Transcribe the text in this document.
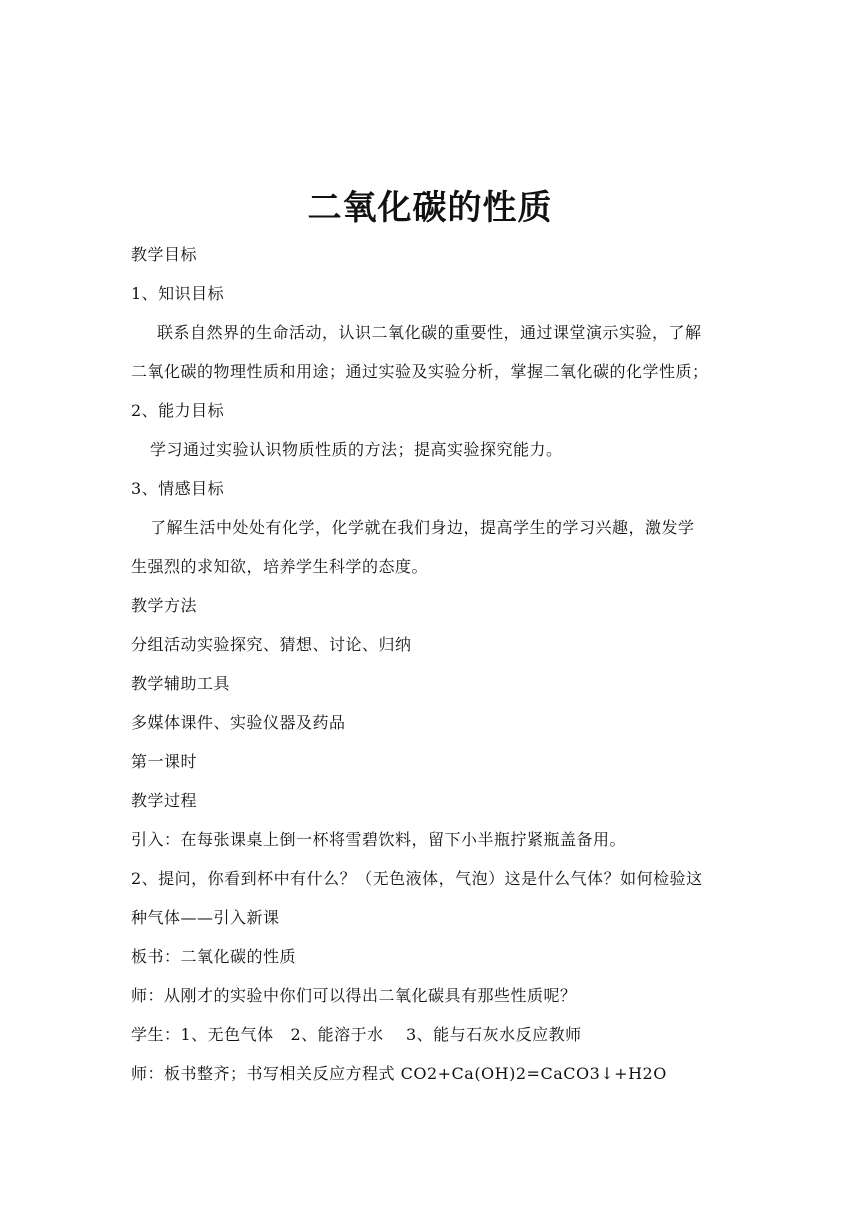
二氧化碳的性质
教学目标
1、知识目标
联系自然界的生命活动，认识二氧化碳的重要性，通过课堂演示实验，了解
二氧化碳的物理性质和用途；通过实验及实验分析，掌握二氧化碳的化学性质；
2、能力目标
学习通过实验认识物质性质的方法；提高实验探究能力。
3、情感目标
了解生活中处处有化学，化学就在我们身边，提高学生的学习兴趣，激发学
生强烈的求知欲，培养学生科学的态度。
教学方法
分组活动实验探究、猜想、讨论、归纳
教学辅助工具
多媒体课件、实验仪器及药品
第一课时
教学过程
引入：在每张课桌上倒一杯将雪碧饮料，留下小半瓶拧紧瓶盖备用。
2、提问，你看到杯中有什么？（无色液体，气泡）这是什么气体？如何检验这
种气体——引入新课
板书：二氧化碳的性质
师：从刚才的实验中你们可以得出二氧化碳具有那些性质呢？
学生：1、无色气体   2、能溶于水    3、能与石灰水反应教师
师：板书整齐；书写相关反应方程式 CO2+Ca(OH)2=CaCO3↓+H2O
